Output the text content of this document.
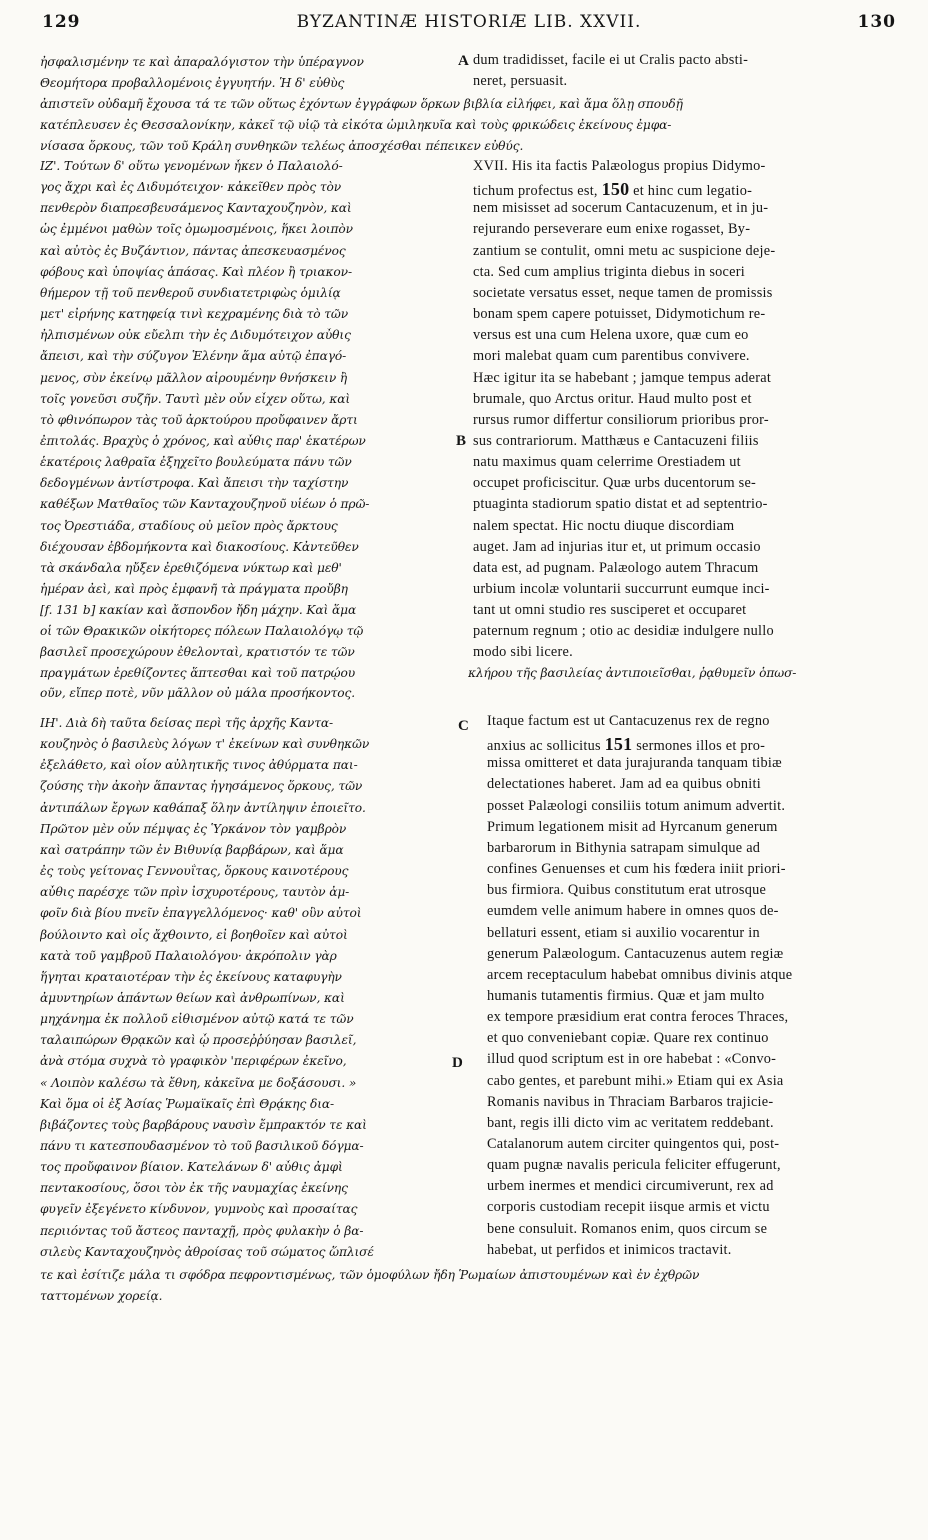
129	BYZANTINÆ HISTORIÆ LIB. XXVII.	130
ἠσφαλισμένην τε καὶ ἀπαραλόγιστον τὴν ὑπέραγνον
Θεομήτορα προβαλλομένοις ἐγγυητήν. Ἡ δ' εὐθὺς
dum tradidisset, facile ei ut Cralis pacto absti-
neret, persuasit.
ἀπιστεῖν οὐδαμῆ ἔχουσα τά τε τῶν οὕτως ἐχόντων ἐγγράφων ὅρκων βιβλία εἰλήφει, καὶ ἅμα ὅλῃ σπουδῇ
κατέπλευσεν ἐς Θεσσαλονίκην, κἀκεῖ τῷ υἱῷ τὰ εἰκότα ὡμιληκυῖα καὶ τοὺς φρικώδεις ἐκείνους ἐμφα-
νίσασα ὅρκους, τῶν τοῦ Κράλη συνθηκῶν τελέως ἀποσχέσθαι πέπεικεν εὐθύς.
ΙΖ'. Τούτων δ' οὕτω γενομένων ἧκεν ὁ Παλαιολό-
γος ἄχρι καὶ ἐς Διδυμότειχον· κἀκεῖθεν πρὸς τὸν
πενθερὸν διαπρεσβευσάμενος Κανταχουζηνὸν, καὶ
ὡς ἐμμένοι μαθὼν τοῖς ὀμωμοσμένοις, ἥκει λοιπὸν
καὶ αὐτὸς ἐς Βυζάντιον, πάντας ἀπεσκευασμένος
φόβους καὶ ὑποψίας ἁπάσας. Καὶ πλέον ἢ τριακον-
θήμερον τῇ τοῦ πενθεροῦ συνδιατετριφὼς ὁμιλίᾳ
μετ' εἰρήνης κατηφείᾳ τινὶ κεχραμένης διὰ τὸ τῶν
ἠλπισμένων οὐκ εὔελπι τὴν ἐς Διδυμότειχον αὖθις
ἄπεισι, καὶ τὴν σύζυγον Ἑλένην ἅμα αὐτῷ ἐπαγό-
μενος, σὺν ἐκείνῳ μᾶλλον αἱρουμένην θνήσκειν ἢ
τοῖς γονεῦσι συζῆν. Ταυτὶ μὲν οὖν εἶχεν οὕτω, καὶ
τὸ φθινόπωρον τὰς τοῦ ἀρκτούρου προὔφαινεν ἄρτι
ἐπιτολάς. Βραχὺς ὁ χρόνος, καὶ αὖθις παρ' ἑκατέρων
ἑκατέροις λαθραῖα ἐξηχεῖτο βουλεύματα πάνυ τῶν
δεδογμένων ἀντίστροφα. Καὶ ἄπεισι τὴν ταχίστην
καθέξων Ματθαῖος τῶν Κανταχουζηνοῦ υἱέων ὁ πρῶ-
τος Ὀρεστιάδα, σταδίους οὐ μεῖον πρὸς ἄρκτους
διέχουσαν ἑβδομήκοντα καὶ διακοσίους. Κἀντεῦθεν
τὰ σκάνδαλα ηὔξεν ἐρεθιζόμενα νύκτωρ καὶ μεθ'
ἡμέραν ἀεὶ, καὶ πρὸς ἐμφανῆ τὰ πράγματα προὔβη
[f. 131 b] κακίαν καὶ ἄσπονδον ἤδη μάχην. Καὶ ἅμα
οἱ τῶν Θρακικῶν οἰκήτορες πόλεων Παλαιολόγῳ τῷ
βασιλεῖ προσεχώρουν ἐθελονταὶ, κρατιστόν τε τῶν
XVII. His ita factis Palæologus propius Didymo-
tichum profectus est, 150 et hinc cum legatio-
nem misisset ad socerum Cantacuzenum, et in ju-
rejurando perseverare eum enixe rogasset, By-
zantium se contulit, omni metu ac suspicione deje-
cta. Sed cum amplius triginta diebus in soceri
societate versatus esset, neque tamen de promissis
bonam spem capere potuisset, Didymotichum re-
versus est una cum Helena uxore, quæ cum eo
mori malebat quam cum parentibus convivere.
Hæc igitur ita se habebant ; jamque tempus aderat
brumale, quo Arctus oritur. Haud multo post et
rursus rumor differtur consiliorum prioribus pror-
sus contrariorum. Matthæus e Cantacuzeni filiis
natu maximus quam celerrime Orestiadem ut
occupet proficiscitur. Quæ urbs ducentorum se-
ptuaginta stadiorum spatio distat et ad septentrio-
nalem spectat. Hic noctu diuque discordiam
auget. Jam ad injurias itur et, ut primum occasio
data est, ad pugnam. Palæologo autem Thracum
urbium incolæ voluntarii succurrunt eumque inci-
tant ut omni studio res susciperet et occuparet
paternum regnum ; otio ac desidiæ indulgere nullo
modo sibi licere.
πραγμάτων ἐρεθίζοντες ἅπτεσθαι καὶ τοῦ πατρῴου	κλήρου τῆς βασιλείας ἀντιποιεῖσθαι, ῥᾳθυμεῖν ὁπωσ-
οῦν, εἴπερ ποτὲ, νῦν μᾶλλον οὐ μάλα προσήκοντος.
ΙΗ'. Διὰ δὴ ταῦτα δείσας περὶ τῆς ἀρχῆς Καντα-
κουζηνὸς ὁ βασιλεὺς λόγων τ' ἐκείνων καὶ συνθηκῶν
ἐξελάθετο, καὶ οἷον αὐλητικῆς τινος ἀθύρματα παι-
ζούσης τὴν ἀκοὴν ἅπαντας ἡγησάμενος ὅρκους, τῶν
ἀντιπάλων ἔργων καθάπαξ ὅλην ἀντίληψιν ἐποιεῖτο.
Πρῶτον μὲν οὖν πέμψας ἐς Ὑρκάνον τὸν γαμβρὸν
καὶ σατράπην τῶν ἐν Βιθυνίᾳ βαρβάρων, καὶ ἅμα
ἐς τοὺς γείτονας Γεννουΐτας, ὅρκους καινοτέρους
αὖθις παρέσχε τῶν πρὶν ἰσχυροτέρους, ταυτὸν ἀμ-
φοῖν διὰ βίου πνεῖν ἐπαγγελλόμενος· καθ' οὓν αὐτοὶ
βούλοιντο καὶ οἷς ἄχθοιντο, εἰ βοηθοῖεν καὶ αὐτοὶ
κατὰ τοῦ γαμβροῦ Παλαιολόγου· ἀκρόπολιν γὰρ
ἥγηται κραταιοτέραν τὴν ἐς ἐκείνους καταφυγὴν
ἀμυντηρίων ἁπάντων θείων καὶ ἀνθρωπίνων, καὶ
μηχάνημα ἐκ πολλοῦ εἰθισμένον αὐτῷ κατά τε τῶν
ταλαιπώρων Θρᾳκῶν καὶ ᾧ προσεῤῥύησαν βασιλεῖ,
ἀνὰ στόμα συχνὰ τὸ γραφικὸν 'περιφέρων ἐκεῖνο,
« Λοιπὸν καλέσω τὰ ἔθνη, κἀκεῖνα με δοξάσουσι. »
Καὶ ὅμα οἱ ἐξ Ἀσίας Ῥωμαϊκαῖς ἐπὶ Θρᾴκης δια-
βιβάζοντες τοὺς βαρβάρους ναυσὶν ἔμπρακτόν τε καὶ
πάνυ τι κατεσπουδασμένον τὸ τοῦ βασιλικοῦ δόγμα-
τος προὔφαινον βίαιον. Κατελάνων δ' αὖθις ἀμφὶ
πεντακοσίους, ὅσοι τὸν ἐκ τῆς ναυμαχίας ἐκείνης
φυγεῖν ἐξεγένετο κίνδυνον, γυμνοὺς καὶ προσαίτας
περιιόντας τοῦ ἄστεος πανταχῇ, πρὸς φυλακὴν ὁ βα-
σιλεὺς Κανταχουζηνὸς ἀθροίσας τοῦ σώματος ὥπλισέ
Itaque factum est ut Cantacuzenus rex de regno
anxius ac sollicitus 151 sermones illos et pro-
missa omitteret et data jurajuranda tanquam tibiæ
delectationes haberet. Jam ad ea quibus obniti
posset Palæologi consiliis totum animum advertit.
Primum legationem misit ad Hyrcanum generum
barbarorum in Bithynia satrapam simulque ad
confines Genuenses et cum his fœdera iniit priori-
bus firmiora. Quibus constitutum erat utrosque
eumdem velle animum habere in omnes quos de-
bellaturi essent, etiam si auxilio vocarentur in
generum Palæologum. Cantacuzenus autem regiæ
arcem receptaculum habebat omnibus divinis atque
humanis tutamentis firmius. Quæ et jam multo
ex tempore præsidium erat contra feroces Thraces,
et quo conveniebant copiæ. Quare rex continuo
illud quod scriptum est in ore habebat : «Convo-
cabo gentes, et parebunt mihi.» Etiam qui ex Asia
Romanis navibus in Thraciam Barbaros trajicie-
bant, regis illi dicto vim ac veritatem reddebant.
Catalanorum autem circiter quingentos qui, post-
quam pugnæ navalis pericula feliciter effugerunt,
urbem inermes et mendici circumiverunt, rex ad
corporis custodiam recepit iisque armis et victu
bene consuluit. Romanos enim, quos circum se
habebat, ut perfidos et inimicos tractavit.
τε καὶ ἐσίτιζε μάλα τι σφόδρα πεφροντισμένως, τῶν ὁμοφύλων ἤδη Ῥωμαίων ἀπιστουμένων καὶ ἐν ἐχθρῶν
ταττομένων χορείᾳ.
A
B
C
D
